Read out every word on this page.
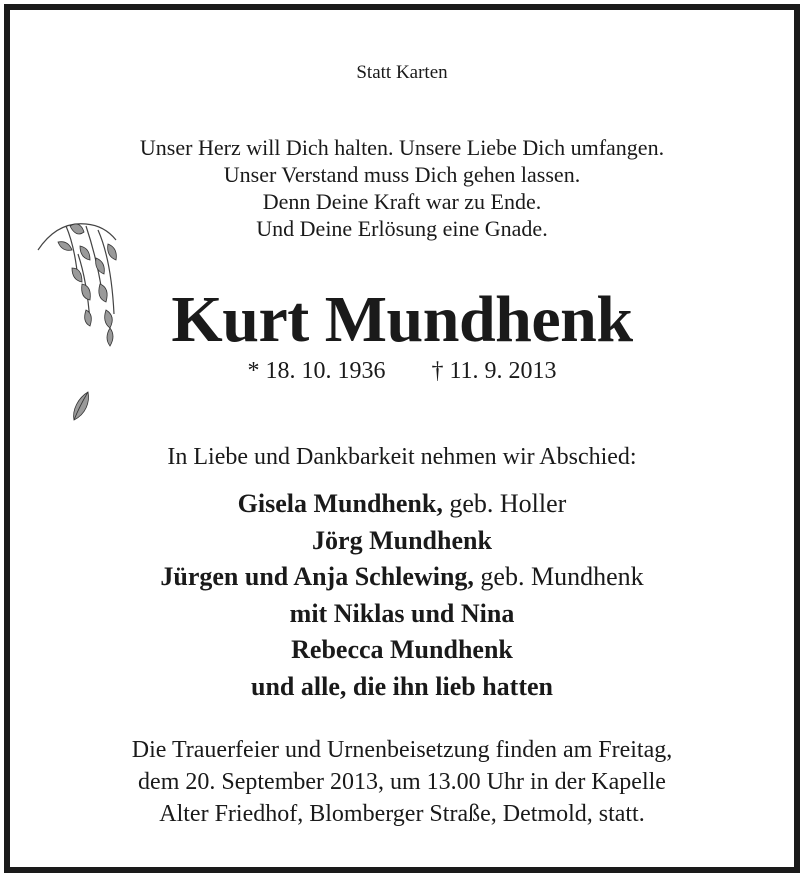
Statt Karten
Unser Herz will Dich halten. Unsere Liebe Dich umfangen.
Unser Verstand muss Dich gehen lassen.
Denn Deine Kraft war zu Ende.
Und Deine Erlösung eine Gnade.
Kurt Mundhenk
* 18. 10. 1936 † 11. 9. 2013
In Liebe und Dankbarkeit nehmen wir Abschied:
Gisela Mundhenk, geb. Holler
Jörg Mundhenk
Jürgen und Anja Schlewing, geb. Mundhenk
mit Niklas und Nina
Rebecca Mundhenk
und alle, die ihn lieb hatten
Die Trauerfeier und Urnenbeisetzung finden am Freitag,
dem 20. September 2013, um 13.00 Uhr in der Kapelle
Alter Friedhof, Blomberger Straße, Detmold, statt.
